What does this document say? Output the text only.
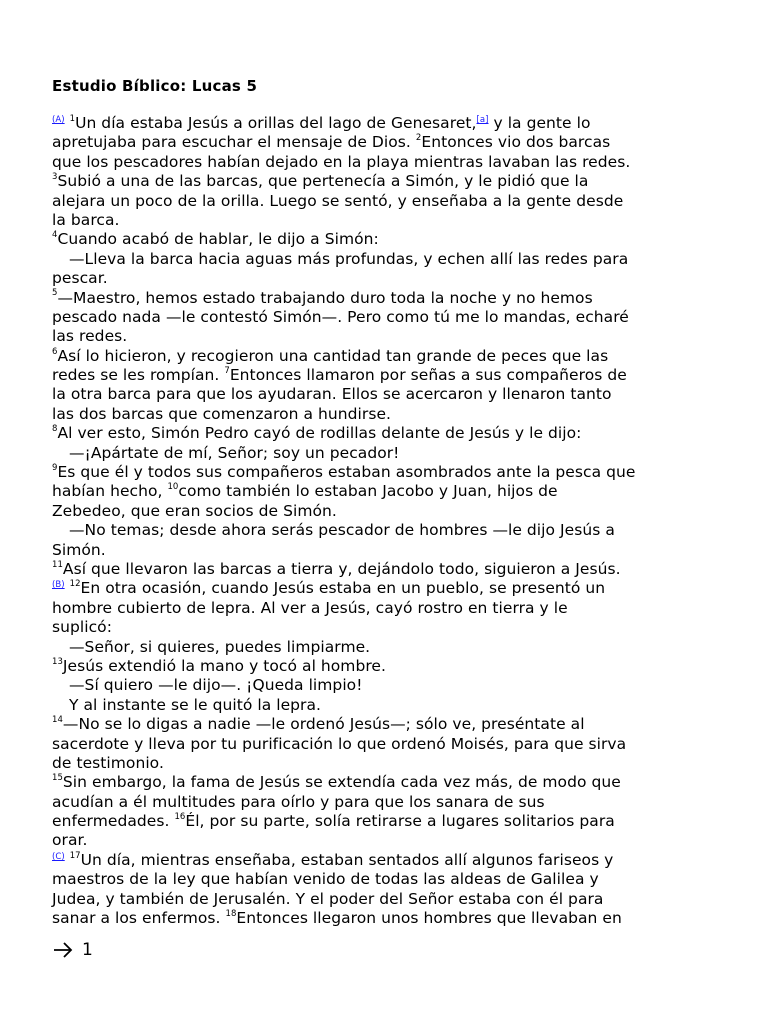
Estudio Bíblico: Lucas 5
$^{(A)}$ $^1$Un día estaba Jesús a orillas del lago de Genesaret,[a] y la gente lo
apretujaba para escuchar el mensaje de Dios. $^2$Entonces vio dos barcas
que los pescadores habían dejado en la playa mientras lavaban las redes.
$^3$Subió a una de las barcas, que pertenecía a Simón, y le pidió que la
alejara un poco de la orilla. Luego se sentó, y enseñaba a la gente desde
la barca.
$^4$Cuando acabó de hablar, le dijo a Simón:
—Lleva la barca hacia aguas más profundas, y echen allí las redes para
pescar.
$^5$—Maestro, hemos estado trabajando duro toda la noche y no hemos
pescado nada —le contestó Simón—. Pero como tú me lo mandas, echaré
las redes.
$^6$Así lo hicieron, y recogieron una cantidad tan grande de peces que las
redes se les rompían. $^7$Entonces llamaron por señas a sus compañeros de
la otra barca para que los ayudaran. Ellos se acercaron y llenaron tanto
las dos barcas que comenzaron a hundirse.
$^8$Al ver esto, Simón Pedro cayó de rodillas delante de Jesús y le dijo:
—¡Apártate de mí, Señor; soy un pecador!
$^9$Es que él y todos sus compañeros estaban asombrados ante la pesca que
habían hecho, $^{10}$como también lo estaban Jacobo y Juan, hijos de
Zebedeo, que eran socios de Simón.
—No temas; desde ahora serás pescador de hombres —le dijo Jesús a
Simón.
$^{11}$Así que llevaron las barcas a tierra y, dejándolo todo, siguieron a Jesús.
$^{(B)}$ $^{12}$En otra ocasión, cuando Jesús estaba en un pueblo, se presentó un
hombre cubierto de lepra. Al ver a Jesús, cayó rostro en tierra y le
suplicó:
—Señor, si quieres, puedes limpiarme.
$^{13}$Jesús extendió la mano y tocó al hombre.
—Sí quiero —le dijo—. ¡Queda limpio!
Y al instante se le quitó la lepra.
$^{14}$—No se lo digas a nadie —le ordenó Jesús—; sólo ve, preséntate al
sacerdote y lleva por tu purificación lo que ordenó Moisés, para que sirva
de testimonio.
$^{15}$Sin embargo, la fama de Jesús se extendía cada vez más, de modo que
acudían a él multitudes para oírlo y para que los sanara de sus
enfermedades. $^{16}$Él, por su parte, solía retirarse a lugares solitarios para
orar.
$^{(C)}$ $^{17}$Un día, mientras enseñaba, estaban sentados allí algunos fariseos y
maestros de la ley que habían venido de todas las aldeas de Galilea y
Judea, y también de Jerusalén. Y el poder del Señor estaba con él para
sanar a los enfermos. $^{18}$Entonces llegaron unos hombres que llevaban en
1
